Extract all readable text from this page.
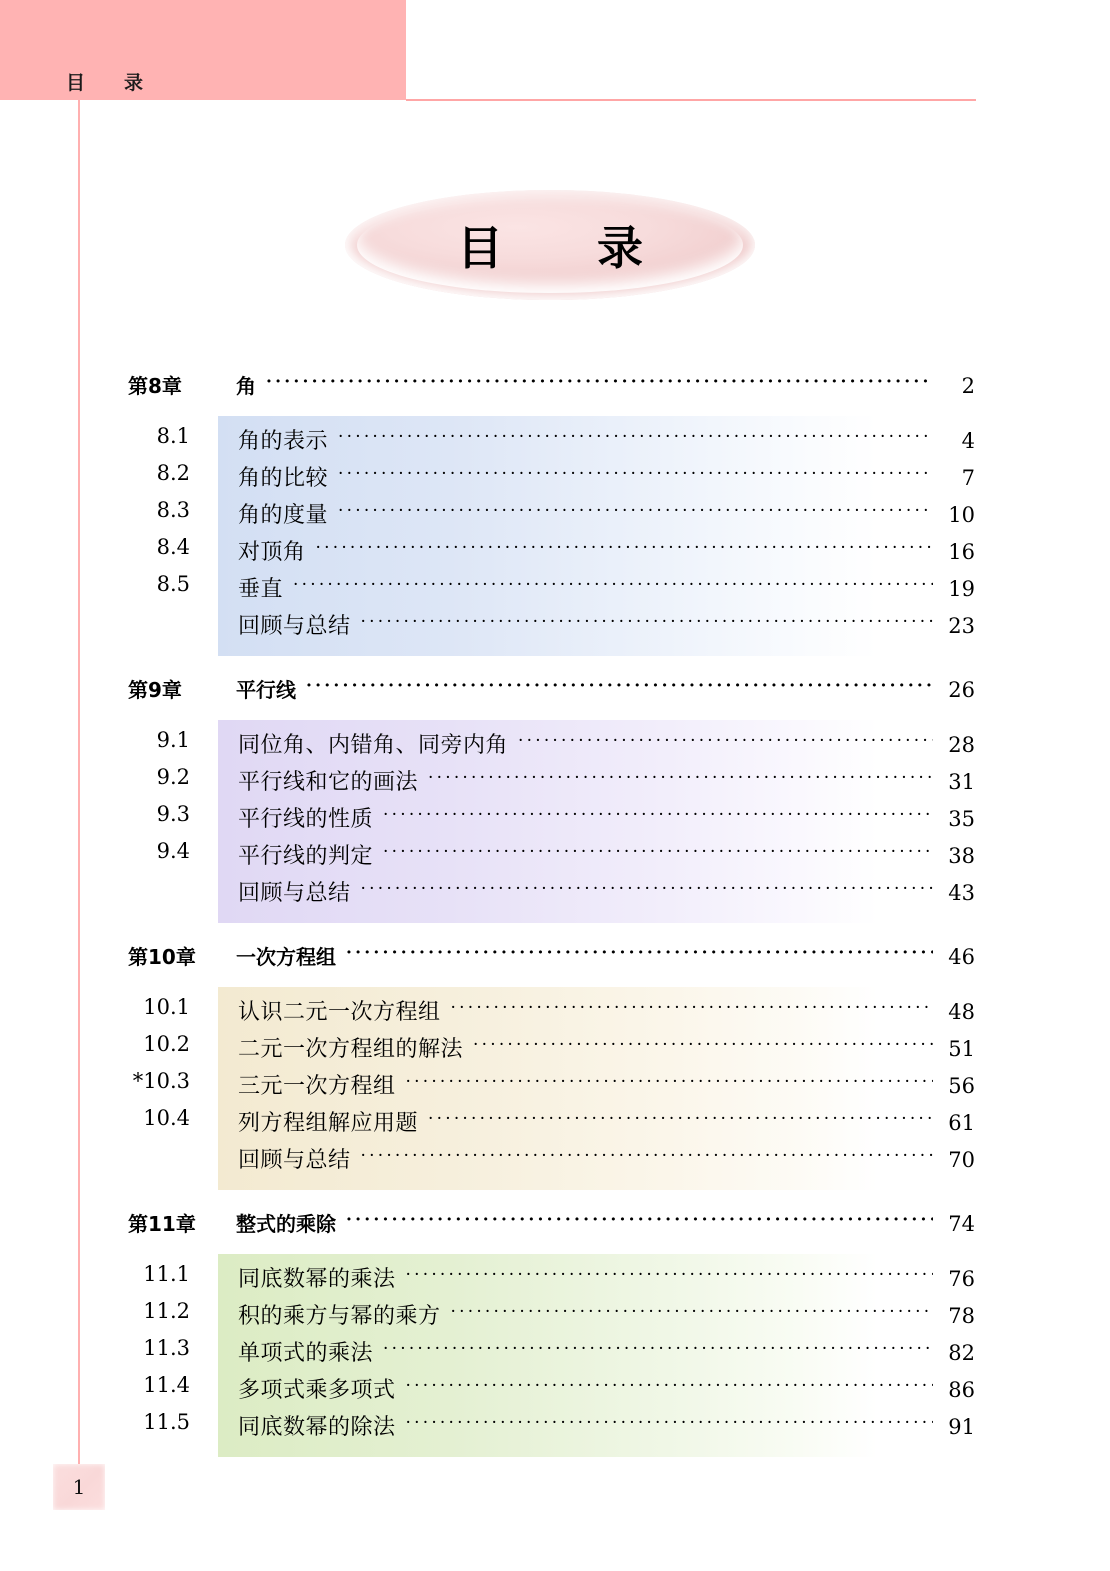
目　录
目　录
第8章	角 ·····	2
8.1	角的表示 ·····	4
8.2	角的比较 ·····	7
8.3	角的度量 ·····	10
8.4	对顶角 ·····	16
8.5	垂直 ·····	19
回顾与总结 ·····	23
第9章	平行线 ·····	26
9.1	同位角、内错角、同旁内角 ·····	28
9.2	平行线和它的画法 ·····	31
9.3	平行线的性质 ·····	35
9.4	平行线的判定 ·····	38
回顾与总结 ·····	43
第10章	一次方程组 ·····	46
10.1	认识二元一次方程组 ·····	48
10.2	二元一次方程组的解法 ·····	51
*10.3	三元一次方程组 ·····	56
10.4	列方程组解应用题 ·····	61
回顾与总结 ·····	70
第11章	整式的乘除 ·····	74
11.1	同底数幂的乘法 ·····	76
11.2	积的乘方与幂的乘方 ·····	78
11.3	单项式的乘法 ·····	82
11.4	多项式乘多项式 ·····	86
11.5	同底数幂的除法 ·····	91
1
